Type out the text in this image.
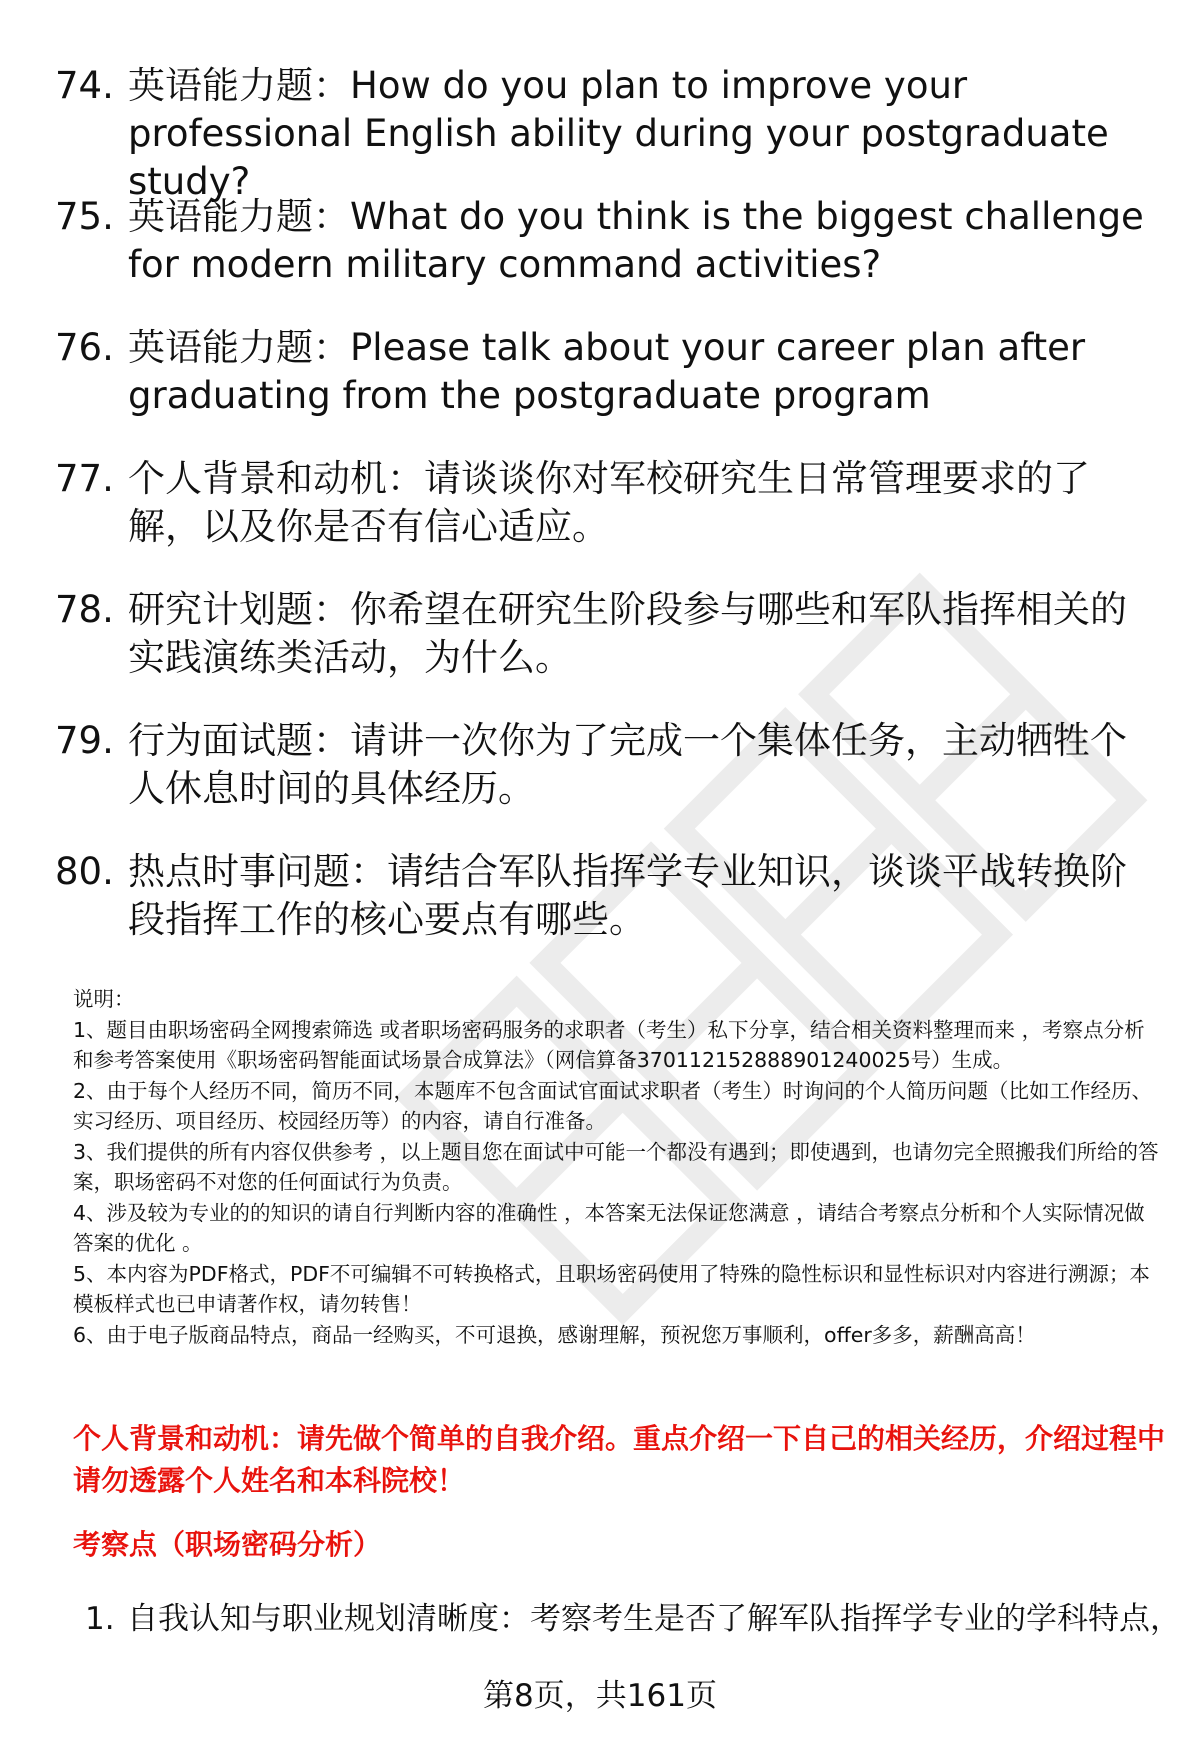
74. 英语能力题：How do you plan to improve your professional English ability during your postgraduate study?
75. 英语能力题：What do you think is the biggest challenge for modern military command activities?
76. 英语能力题：Please talk about your career plan after graduating from the postgraduate program
77. 个人背景和动机：请谈谈你对军校研究生日常管理要求的了解，以及你是否有信心适应。
78. 研究计划题：你希望在研究生阶段参与哪些和军队指挥相关的实践演练类活动，为什么。
79. 行为面试题：请讲一次你为了完成一个集体任务，主动牺牲个人休息时间的具体经历。
80. 热点时事问题：请结合军队指挥学专业知识，谈谈平战转换阶段指挥工作的核心要点有哪些。

说明：

1、题目由职场密码全网搜索筛选 或者职场密码服务的求职者（考生）私下分享，结合相关资料整理而来 ，考察点分析和参考答案使用《职场密码智能面试场景合成算法》（网信算备370112152888901240025号）生成。

2、由于每个人经历不同，简历不同，本题库不包含面试官面试求职者（考生）时询问的个人简历问题（比如工作经历、实习经历、项目经历、校园经历等）的内容，请自行准备。

3、我们提供的所有内容仅供参考 ，以上题目您在面试中可能一个都没有遇到；即使遇到，也请勿完全照搬我们所给的答案，职场密码不对您的任何面试行为负责。

4、涉及较为专业的的知识的请自行判断内容的准确性 ，本答案无法保证您满意 ，请结合考察点分析和个人实际情况做答案的优化 。

5、本内容为PDF格式，PDF不可编辑不可转换格式，且职场密码使用了特殊的隐性标识和显性标识对内容进行溯源；本模板样式也已申请著作权，请勿转售！

6、由于电子版商品特点，商品一经购买，不可退换，感谢理解，预祝您万事顺利，offer多多，薪酬高高！

个人背景和动机：请先做个简单的自我介绍。重点介绍一下自己的相关经历，介绍过程中请勿透露个人姓名和本科院校！
考察点（职场密码分析）
1. 自我认知与职业规划清晰度：考察考生是否了解军队指挥学专业的学科特点，
第8页，共161页
